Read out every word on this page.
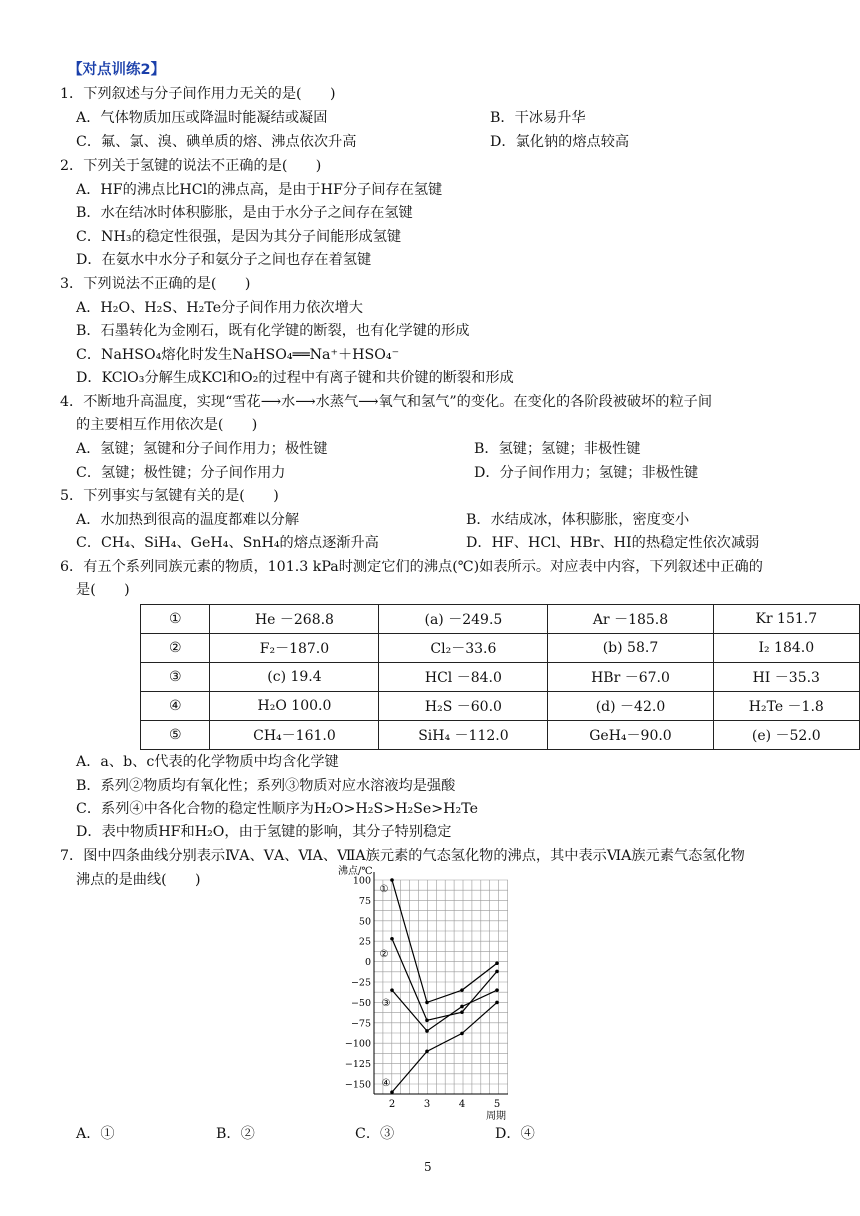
【对点训练2】
1．下列叙述与分子间作用力无关的是(　　)
A．气体物质加压或降温时能凝结或凝固	B．干冰易升华
C．氟、氯、溴、碘单质的熔、沸点依次升高	D．氯化钠的熔点较高
2．下列关于氢键的说法不正确的是(　　)
A．HF的沸点比HCl的沸点高，是由于HF分子间存在氢键
B．水在结冰时体积膨胀，是由于水分子之间存在氢键
C．NH₃的稳定性很强，是因为其分子间能形成氢键
D．在氨水中水分子和氨分子之间也存在着氢键
3．下列说法不正确的是(　　)
A．H₂O、H₂S、H₂Te分子间作用力依次增大
B．石墨转化为金刚石，既有化学键的断裂，也有化学键的形成
C．NaHSO₄熔化时发生NaHSO₄══Na⁺＋HSO₄⁻
D．KClO₃分解生成KCl和O₂的过程中有离子键和共价键的断裂和形成
4．不断地升高温度，实现“雪花⟶水⟶水蒸气⟶氧气和氢气”的变化。在变化的各阶段被破坏的粒子间
的主要相互作用依次是(　　)
A．氢键；氢键和分子间作用力；极性键	B．氢键；氢键；非极性键
C．氢键；极性键；分子间作用力	D．分子间作用力；氢键；非极性键
5．下列事实与氢键有关的是(　　)
A．水加热到很高的温度都难以分解	B．水结成冰，体积膨胀，密度变小
C．CH₄、SiH₄、GeH₄、SnH₄的熔点逐渐升高	D．HF、HCl、HBr、HI的热稳定性依次减弱
6．有五个系列同族元素的物质，101.3 kPa时测定它们的沸点(℃)如表所示。对应表中内容，下列叙述中正确的
是(　　)
①	He －268.8	(a) －249.5	Ar －185.8	Kr 151.7
②	F₂－187.0	Cl₂－33.6	(b) 58.7	I₂ 184.0
③	(c) 19.4	HCl －84.0	HBr －67.0	HI －35.3
④	H₂O 100.0	H₂S －60.0	(d) －42.0	H₂Te －1.8
⑤	CH₄－161.0	SiH₄ －112.0	GeH₄－90.0	(e) －52.0
A．a、b、c代表的化学物质中均含化学键
B．系列②物质均有氧化性；系列③物质对应水溶液均是强酸
C．系列④中各化合物的稳定性顺序为H₂O>H₂S>H₂Se>H₂Te
D．表中物质HF和H₂O，由于氢键的影响，其分子特别稳定
7．图中四条曲线分别表示ⅣA、ⅤA、ⅥA、ⅦA族元素的气态氢化物的沸点，其中表示ⅥA族元素气态氢化物
沸点的是曲线(　　)
沸点/℃
100
75
50
25
0
−25
−50
−75
−100
−125
−150
2	3	4	5
周期
①
②
③
④
A．①	B．②	C．③	D．④
5
